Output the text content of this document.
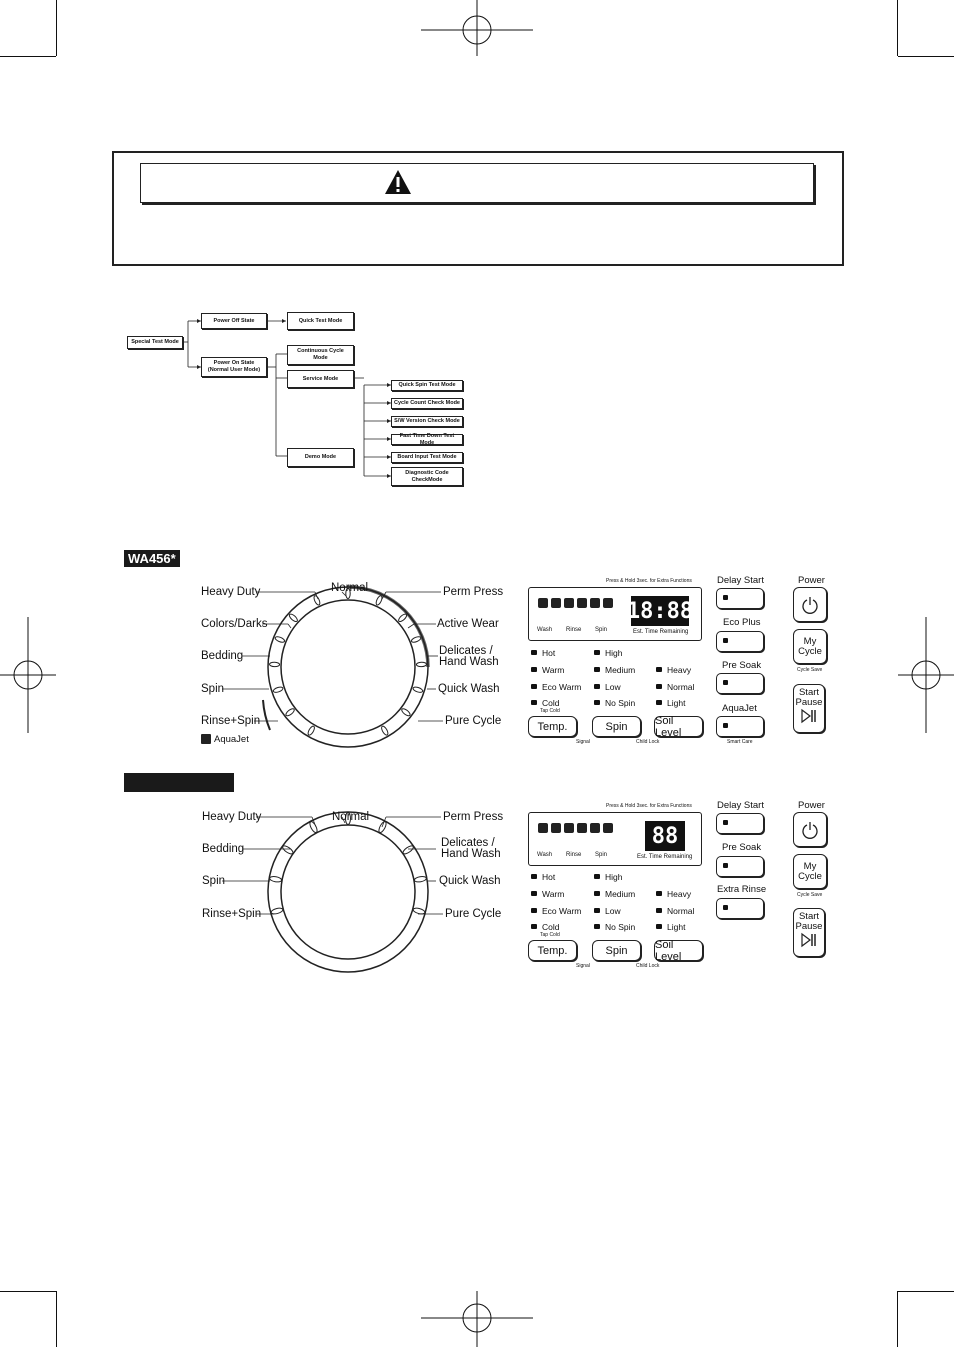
Special Test Mode
Power Off State	Quick Test Mode
Power On State
(Normal User Mode)
Continuous Cycle
Mode
Service Mode
Demo Mode
Quick Spin Test Mode
Cycle Count Check Mode
S/W Version Check Mode
Fast Time Down Test Mode
Board Input Test Mode
Diagnostic Code
CheckMode
WA456*
Heavy Duty
Colors/Darks
Bedding
Spin
Rinse+Spin
AquaJet
Normal	Perm Press
Active Wear
Delicates /
Hand Wash
Quick Wash
Pure Cycle
Press & Hold 3sec. for Extra Functions
Wash Rinse Spin
18:88
Est. Time Remaining
Hot
Warm
Eco Warm
Cold
Tap Cold
High
Medium
Low
No Spin
Heavy
Normal
Light
Temp.	Spin	Soil Level
Signal	Child Lock
Delay Start
Eco Plus
Pre Soak
AquaJet
Smart Care
Power
My
Cycle
Cycle Save
Start
Pause
Heavy Duty
Bedding
Spin
Rinse+Spin
Normal	Perm Press
Delicates /
Hand Wash
Quick Wash
Pure Cycle
Press & Hold 3sec. for Extra Functions
Wash Rinse Spin
88
Est. Time Remaining
Hot
Warm
Eco Warm
Cold
Tap Cold
High
Medium
Low
No Spin
Heavy
Normal
Light
Temp.	Spin	Soil Level
Signal	Child Lock
Delay Start
Pre Soak
Extra Rinse
Power
My
Cycle
Cycle Save
Start
Pause
